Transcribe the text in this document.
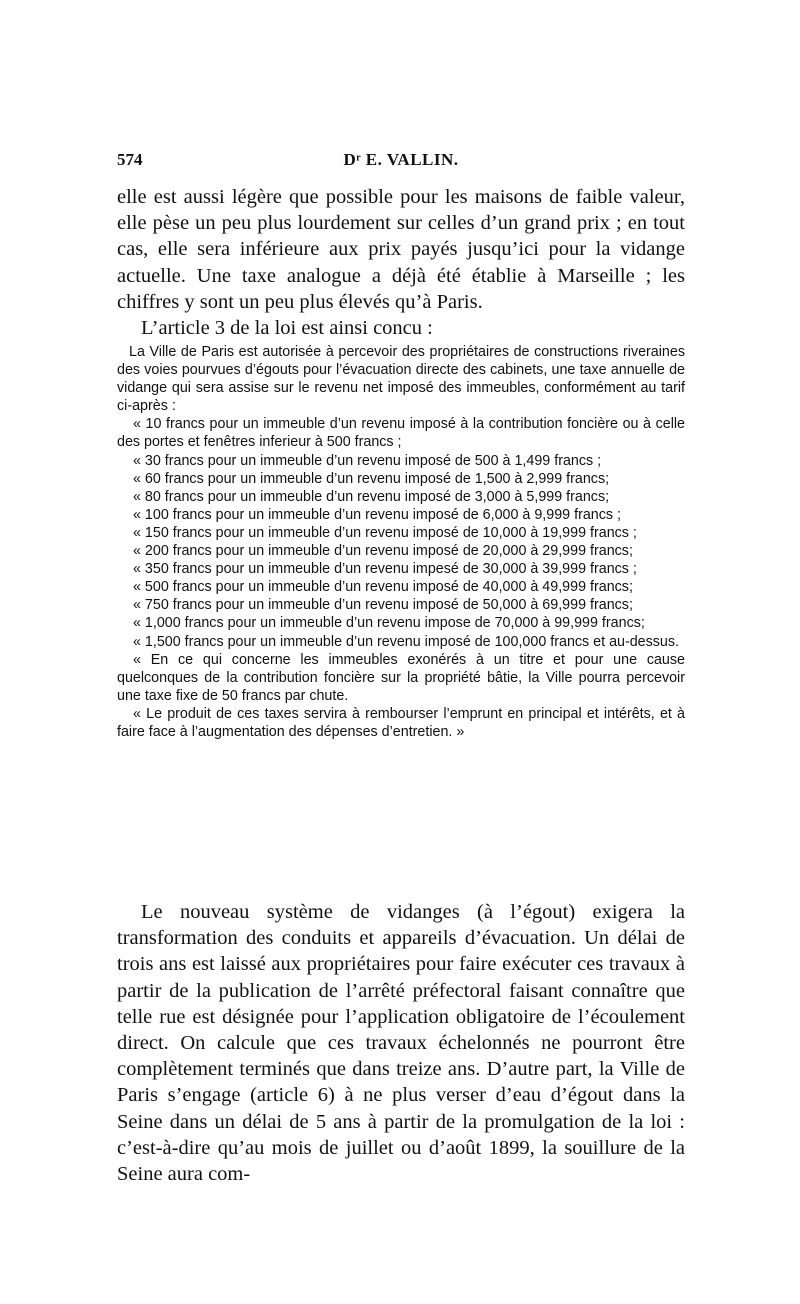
574	Dʳ E. VALLIN.

elle est aussi légère que possible pour les maisons de faible valeur, elle pèse un peu plus lourdement sur celles d’un grand prix ; en tout cas, elle sera inférieure aux prix payés jusqu’ici pour la vidange actuelle. Une taxe analogue a déjà été établie à Marseille ; les chiffres y sont un peu plus élevés qu’à Paris.

L’article 3 de la loi est ainsi concu :

La Ville de Paris est autorisée à percevoir des propriétaires de constructions riveraines des voies pourvues d’égouts pour l’évacuation directe des cabinets, une taxe annuelle de vidange qui sera assise sur le revenu net imposé des immeubles, conformément au tarif ci-après :

« 10 francs pour un immeuble d’un revenu imposé à la contribution foncière ou à celle des portes et fenêtres inferieur à 500 francs ;

« 30 francs pour un immeuble d’un revenu imposé de 500 à 1,499 francs ;

« 60 francs pour un immeuble d’un revenu imposé de 1,500 à 2,999 francs;

« 80 francs pour un immeuble d’un revenu imposé de 3,000 à 5,999 francs;

« 100 francs pour un immeuble d’un revenu imposé de 6,000 à 9,999 francs ;

« 150 francs pour un immeuble d’un revenu imposé de 10,000 à 19,999 francs ;

« 200 francs pour un immeuble d’un revenu imposé de 20,000 à 29,999 francs;

« 350 francs pour un immeuble d’un revenu impesé de 30,000 à 39,999 francs ;

« 500 francs pour un immeuble d’un revenu imposé de 40,000 à 49,999 francs;

« 750 francs pour un immeuble d’un revenu imposé de 50,000 à 69,999 francs;

« 1,000 francs pour un immeuble d’un revenu impose de 70,000 à 99,999 francs;

« 1,500 francs pour un immeuble d’un revenu imposé de 100,000 francs et au-dessus.

« En ce qui concerne les immeubles exonérés à un titre et pour une cause quelconques de la contribution foncière sur la propriété bâtie, la Ville pourra percevoir une taxe fixe de 50 francs par chute.

« Le produit de ces taxes servira à rembourser l’emprunt en principal et intérêts, et à faire face à l’augmentation des dépenses d’entretien. »

Le nouveau système de vidanges (à l’égout) exigera la transformation des conduits et appareils d’évacuation. Un délai de trois ans est laissé aux propriétaires pour faire exécuter ces travaux à partir de la publication de l’arrêté préfectoral faisant connaître que telle rue est désignée pour l’application obligatoire de l’écoulement direct. On calcule que ces travaux échelonnés ne pourront être complètement terminés que dans treize ans. D’autre part, la Ville de Paris s’engage (article 6) à ne plus verser d’eau d’égout dans la Seine dans un délai de 5 ans à partir de la promulgation de la loi : c’est-à-dire qu’au mois de juillet ou d’août 1899, la souillure de la Seine aura com-
